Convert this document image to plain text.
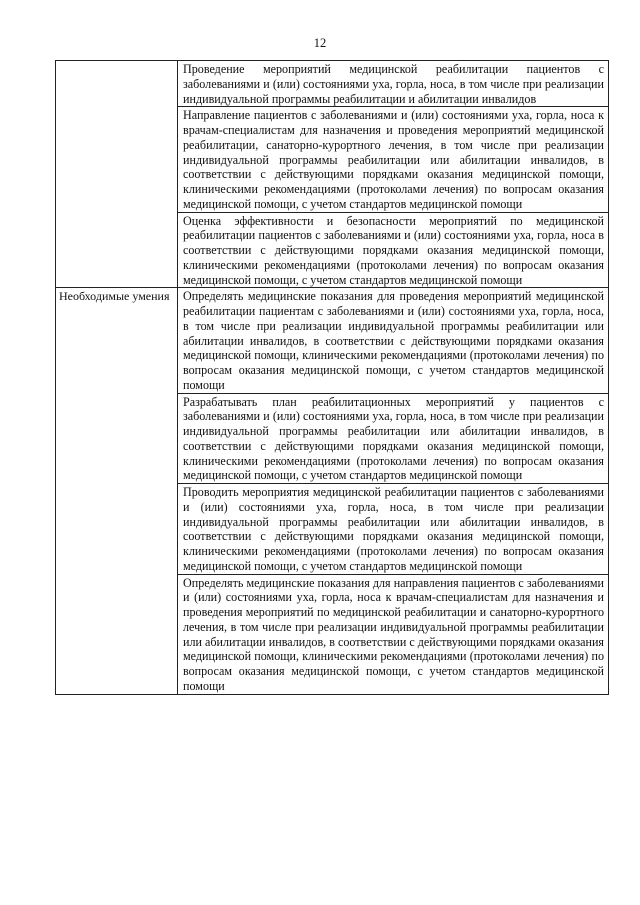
12
	Проведение мероприятий медицинской реабилитации пациентов с заболеваниями и (или) состояниями уха, горла, носа, в том числе при реализации индивидуальной программы реабилитации и абилитации инвалидов
	Направление пациентов с заболеваниями и (или) состояниями уха, горла, носа к врачам-специалистам для назначения и проведения мероприятий медицинской реабилитации, санаторно-курортного лечения, в том числе при реализации индивидуальной программы реабилитации или абилитации инвалидов, в соответствии с действующими порядками оказания медицинской помощи, клиническими рекомендациями (протоколами лечения) по вопросам оказания медицинской помощи, с учетом стандартов медицинской помощи
	Оценка эффективности и безопасности мероприятий по медицинской реабилитации пациентов с заболеваниями и (или) состояниями уха, горла, носа в соответствии с действующими порядками оказания медицинской помощи, клиническими рекомендациями (протоколами лечения) по вопросам оказания медицинской помощи, с учетом стандартов медицинской помощи
Необходимые умения	Определять медицинские показания для проведения мероприятий медицинской реабилитации пациентам с заболеваниями и (или) состояниями уха, горла, носа, в том числе при реализации индивидуальной программы реабилитации или абилитации инвалидов, в соответствии с действующими порядками оказания медицинской помощи, клиническими рекомендациями (протоколами лечения) по вопросам оказания медицинской помощи, с учетом стандартов медицинской помощи
	Разрабатывать план реабилитационных мероприятий у пациентов с заболеваниями и (или) состояниями уха, горла, носа, в том числе при реализации индивидуальной программы реабилитации или абилитации инвалидов, в соответствии с действующими порядками оказания медицинской помощи, клиническими рекомендациями (протоколами лечения) по вопросам оказания медицинской помощи, с учетом стандартов медицинской помощи
	Проводить мероприятия медицинской реабилитации пациентов с заболеваниями и (или) состояниями уха, горла, носа, в том числе при реализации индивидуальной программы реабилитации или абилитации инвалидов, в соответствии с действующими порядками оказания медицинской помощи, клиническими рекомендациями (протоколами лечения) по вопросам оказания медицинской помощи, с учетом стандартов медицинской помощи
	Определять медицинские показания для направления пациентов с заболеваниями и (или) состояниями уха, горла, носа к врачам-специалистам для назначения и проведения мероприятий по медицинской реабилитации и санаторно-курортного лечения, в том числе при реализации индивидуальной программы реабилитации или абилитации инвалидов, в соответствии с действующими порядками оказания медицинской помощи, клиническими рекомендациями (протоколами лечения) по вопросам оказания медицинской помощи, с учетом стандартов медицинской помощи
